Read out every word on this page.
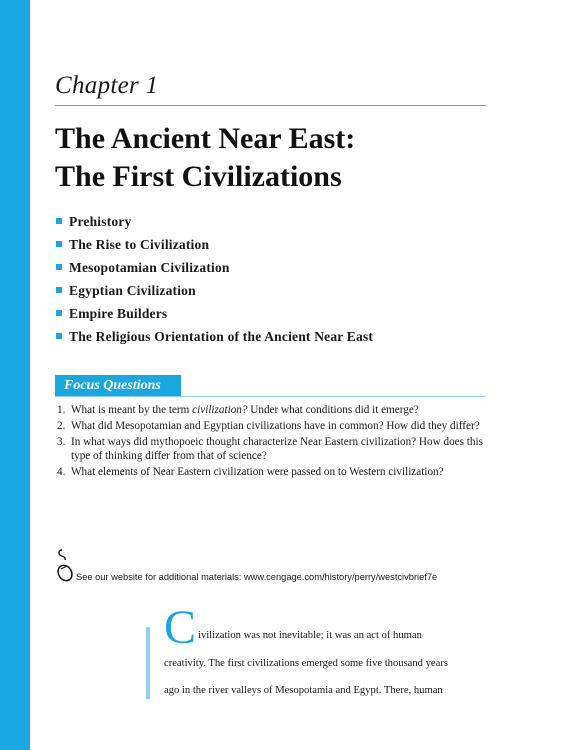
Chapter 1
The Ancient Near East:
The First Civilizations
Prehistory
The Rise to Civilization
Mesopotamian Civilization
Egyptian Civilization
Empire Builders
The Religious Orientation of the Ancient Near East
Focus Questions
1. What is meant by the term civilization? Under what conditions did it emerge?
2. What did Mesopotamian and Egyptian civilizations have in common? How did they differ?
3. In what ways did mythopoeic thought characterize Near Eastern civilization? How does this type of thinking differ from that of science?
4. What elements of Near Eastern civilization were passed on to Western civilization?
See our website for additional materials: www.cengage.com/history/perry/westcivbrief7e
C ivilization was not inevitable; it was an act of human
creativity. The first civilizations emerged some five thousand years
ago in the river valleys of Mesopotamia and Egypt. There, human
